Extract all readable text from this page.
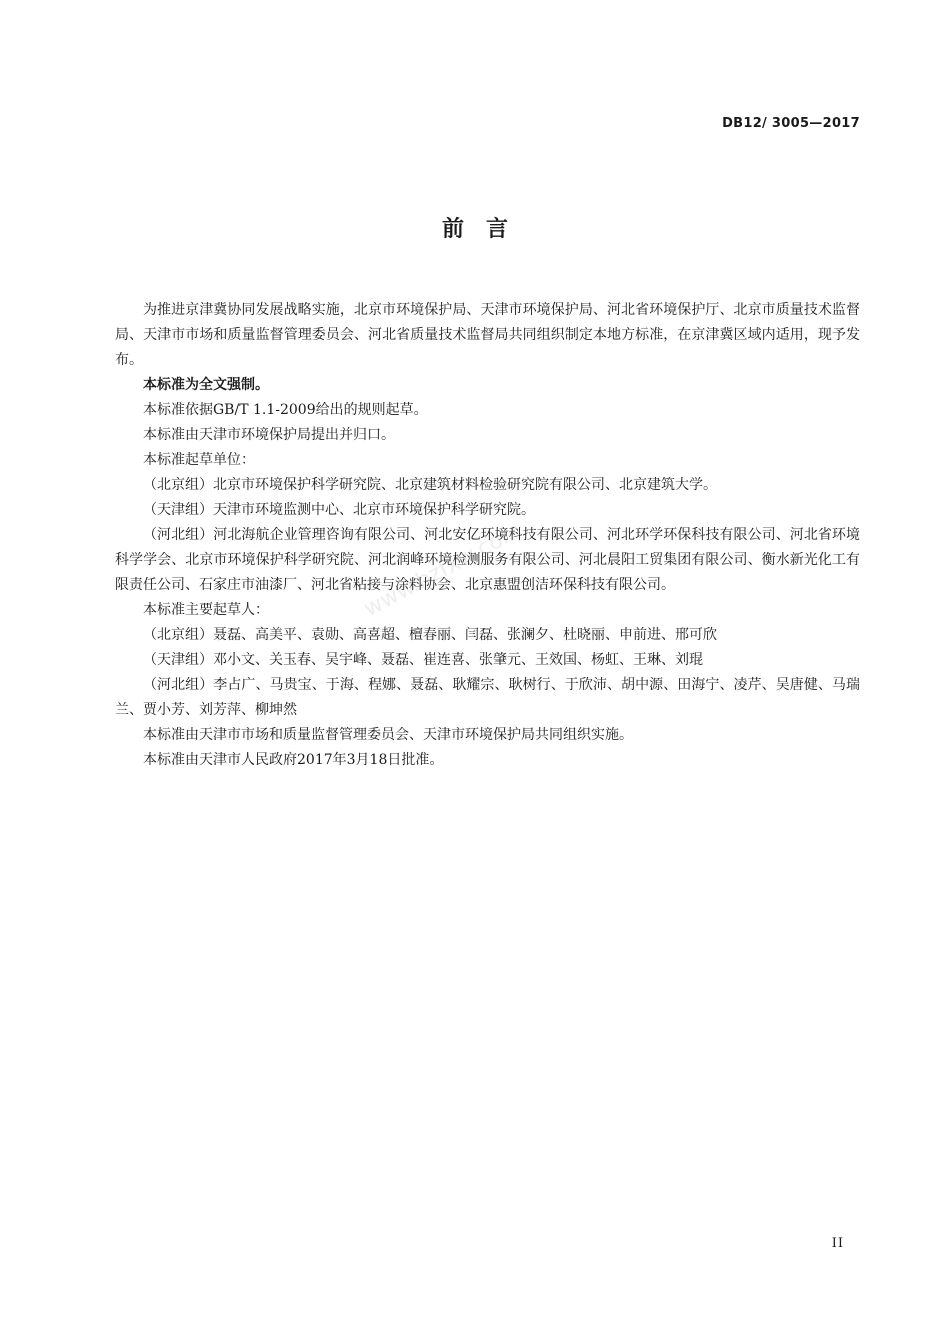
DB12/ 3005—2017
前言

为推进京津冀协同发展战略实施，北京市环境保护局、天津市环境保护局、河北省环境保护厅、北京市质量技术监督局、天津市市场和质量监督管理委员会、河北省质量技术监督局共同组织制定本地方标准，在京津冀区域内适用，现予发布。

本标准为全文强制。

本标准依据GB/T 1.1-2009给出的规则起草。

本标准由天津市环境保护局提出并归口。

本标准起草单位：

（北京组）北京市环境保护科学研究院、北京建筑材料检验研究院有限公司、北京建筑大学。

（天津组）天津市环境监测中心、北京市环境保护科学研究院。

（河北组）河北海航企业管理咨询有限公司、河北安亿环境科技有限公司、河北环学环保科技有限公司、河北省环境科学学会、北京市环境保护科学研究院、河北润峰环境检测服务有限公司、河北晨阳工贸集团有限公司、衡水新光化工有限责任公司、石家庄市油漆厂、河北省粘接与涂料协会、北京惠盟创洁环保科技有限公司。

本标准主要起草人：

（北京组）聂磊、高美平、袁勋、高喜超、檀春丽、闫磊、张澜夕、杜晓丽、申前进、邢可欣

（天津组）邓小文、关玉春、吴宇峰、聂磊、崔连喜、张肇元、王效国、杨虹、王琳、刘琨

（河北组）李占广、马贵宝、于海、程娜、聂磊、耿耀宗、耿树行、于欣沛、胡中源、田海宁、凌芹、吴唐健、马瑞兰、贾小芳、刘芳萍、柳坤然

本标准由天津市市场和质量监督管理委员会、天津市环境保护局共同组织实施。

本标准由天津市人民政府2017年3月18日批准。

www.bzfxw.com
II
